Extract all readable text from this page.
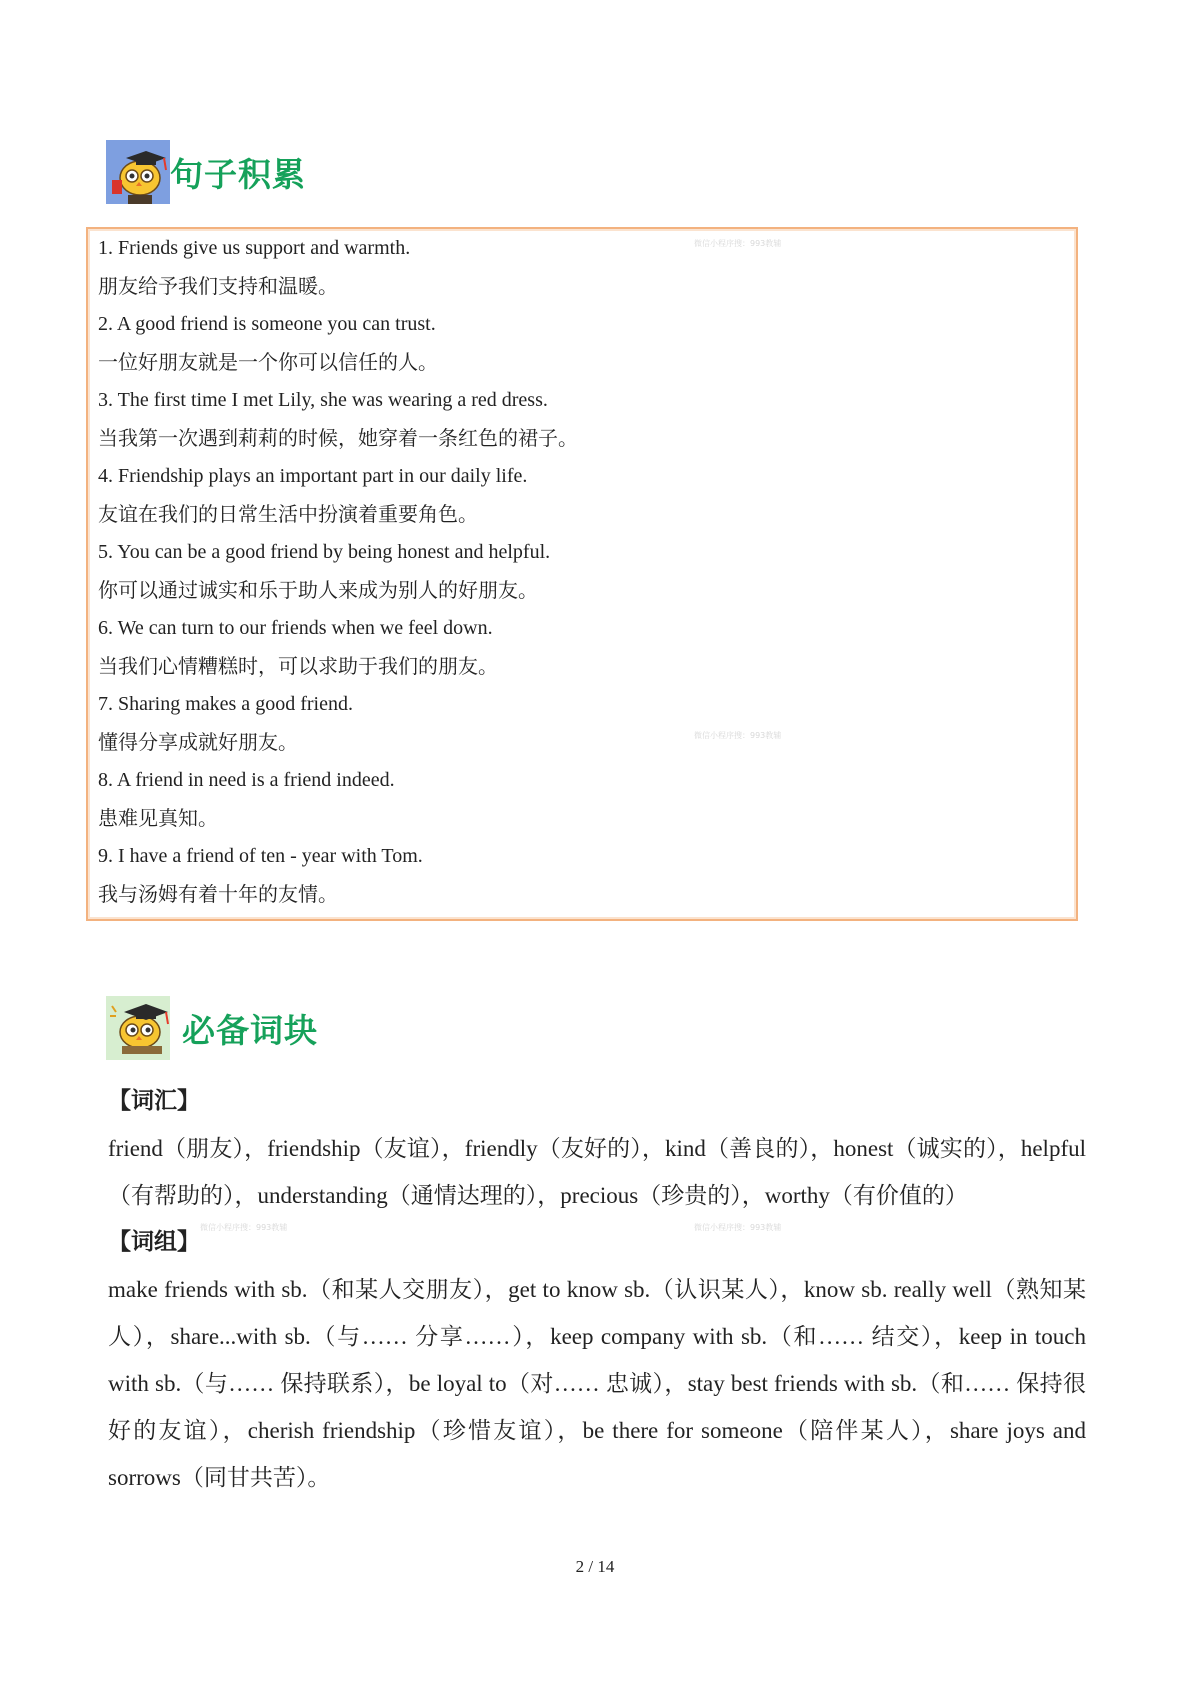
句子积累
1. Friends give us support and warmth.
朋友给予我们支持和温暖。
2. A good friend is someone you can trust.
一位好朋友就是一个你可以信任的人。
3. The first time I met Lily, she was wearing a red dress.
当我第一次遇到莉莉的时候，她穿着一条红色的裙子。
4. Friendship plays an important part in our daily life.
友谊在我们的日常生活中扮演着重要角色。
5. You can be a good friend by being honest and helpful.
你可以通过诚实和乐于助人来成为别人的好朋友。
6. We can turn to our friends when we feel down.
当我们心情糟糕时，可以求助于我们的朋友。
7. Sharing makes a good friend.
懂得分享成就好朋友。
8. A friend in need is a friend indeed.
患难见真知。
9. I have a friend of ten - year with Tom.
我与汤姆有着十年的友情。
微信小程序搜：993教辅
微信小程序搜：993教辅
微信小程序搜：993教辅	微信小程序搜：993教辅
必备词块
【词汇】
friend（朋友），friendship（友谊），friendly（友好的），kind（善良的），honest（诚实的），helpful（有帮助的），understanding（通情达理的），precious（珍贵的），worthy（有价值的）
【词组】
make friends with sb.（和某人交朋友），get to know sb.（认识某人），know sb. really well（熟知某人），share...with sb.（与…… 分享……），keep company with sb.（和…… 结交），keep in touch with sb.（与…… 保持联系），be loyal to（对…… 忠诚），stay best friends with sb.（和…… 保持很好的友谊），cherish friendship（珍惜友谊），be there for someone（陪伴某人），share joys and sorrows（同甘共苦）。
2 / 14
